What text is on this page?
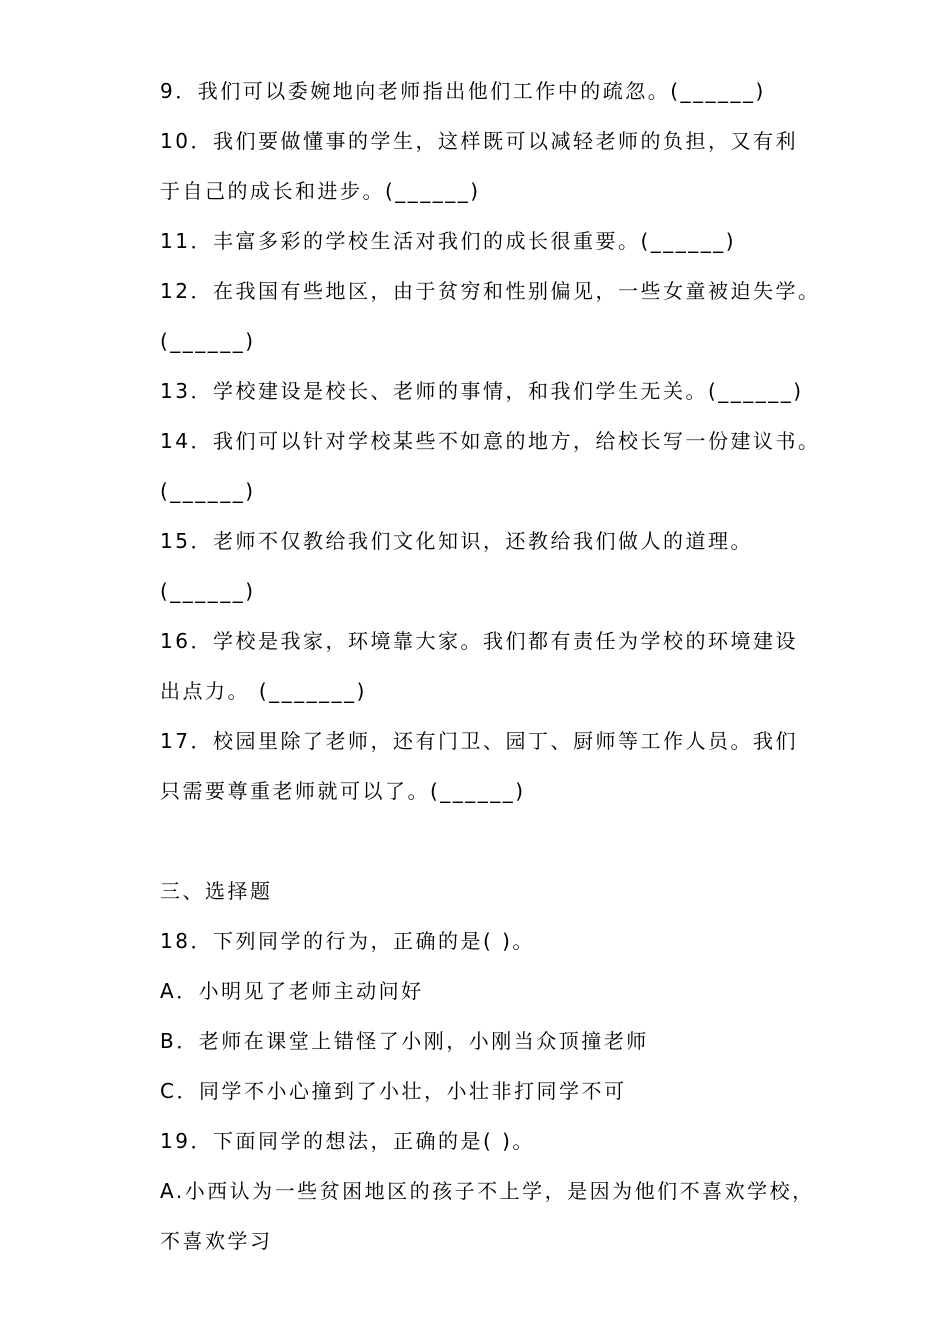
9．我们可以委婉地向老师指出他们工作中的疏忽。(______)
10．我们要做懂事的学生，这样既可以减轻老师的负担，又有利
于自己的成长和进步。(______)
11．丰富多彩的学校生活对我们的成长很重要。(______)
12．在我国有些地区，由于贫穷和性别偏见，一些女童被迫失学。
(______)
13．学校建设是校长、老师的事情，和我们学生无关。(______)
14．我们可以针对学校某些不如意的地方，给校长写一份建议书。
(______)
15．老师不仅教给我们文化知识，还教给我们做人的道理。
(______)
16．学校是我家，环境靠大家。我们都有责任为学校的环境建设
出点力。 (_______)
17．校园里除了老师，还有门卫、园丁、厨师等工作人员。我们
只需要尊重老师就可以了。(______)
三、选择题
18．下列同学的行为，正确的是( )。
A．小明见了老师主动问好
B．老师在课堂上错怪了小刚，小刚当众顶撞老师
C．同学不小心撞到了小壮，小壮非打同学不可
19．下面同学的想法，正确的是( )。
A.小西认为一些贫困地区的孩子不上学，是因为他们不喜欢学校，
不喜欢学习
